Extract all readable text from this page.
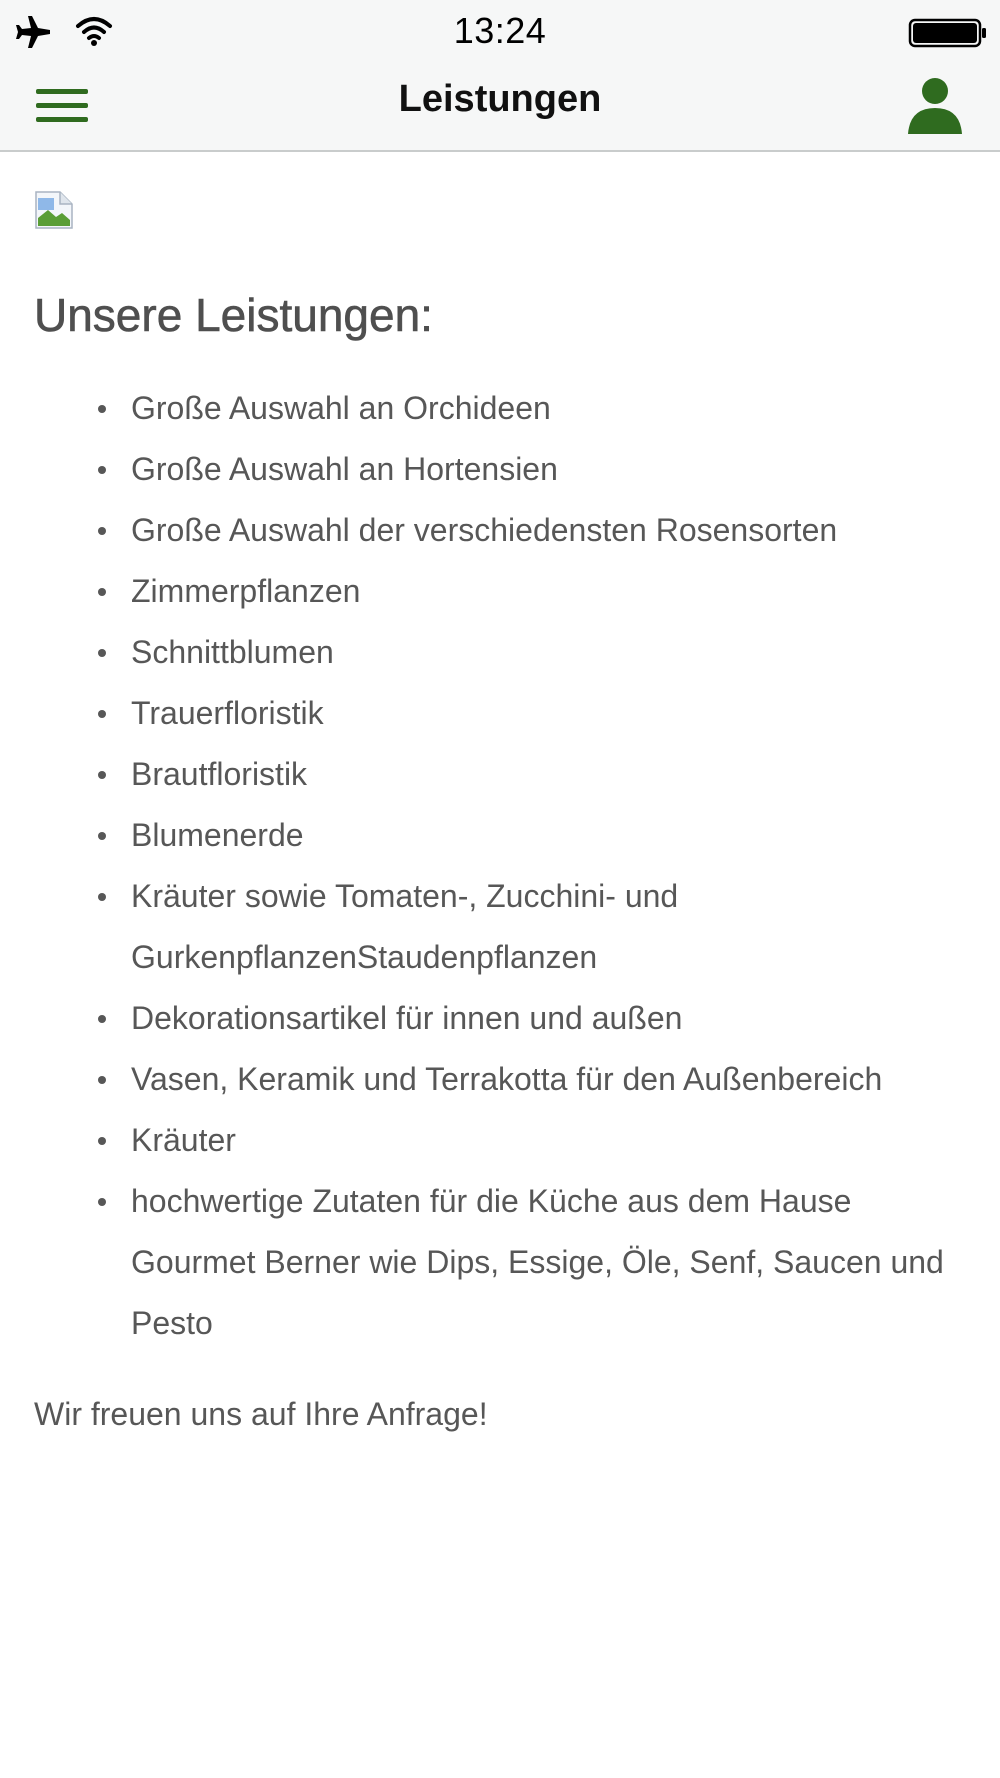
13:24
Leistungen
Unsere Leistungen:
Große Auswahl an Orchideen
Große Auswahl an Hortensien
Große Auswahl der verschiedensten Rosensorten
Zimmerpflanzen
Schnittblumen
Trauerfloristik
Brautfloristik
Blumenerde
Kräuter sowie Tomaten-, Zucchini- und GurkenpflanzenStaudenpflanzen
Dekorationsartikel für innen und außen
Vasen, Keramik und Terrakotta für den Außenbereich
Kräuter
hochwertige Zutaten für die Küche aus dem Hause Gourmet Berner wie Dips, Essige, Öle, Senf, Saucen und Pesto

Wir freuen uns auf Ihre Anfrage!
